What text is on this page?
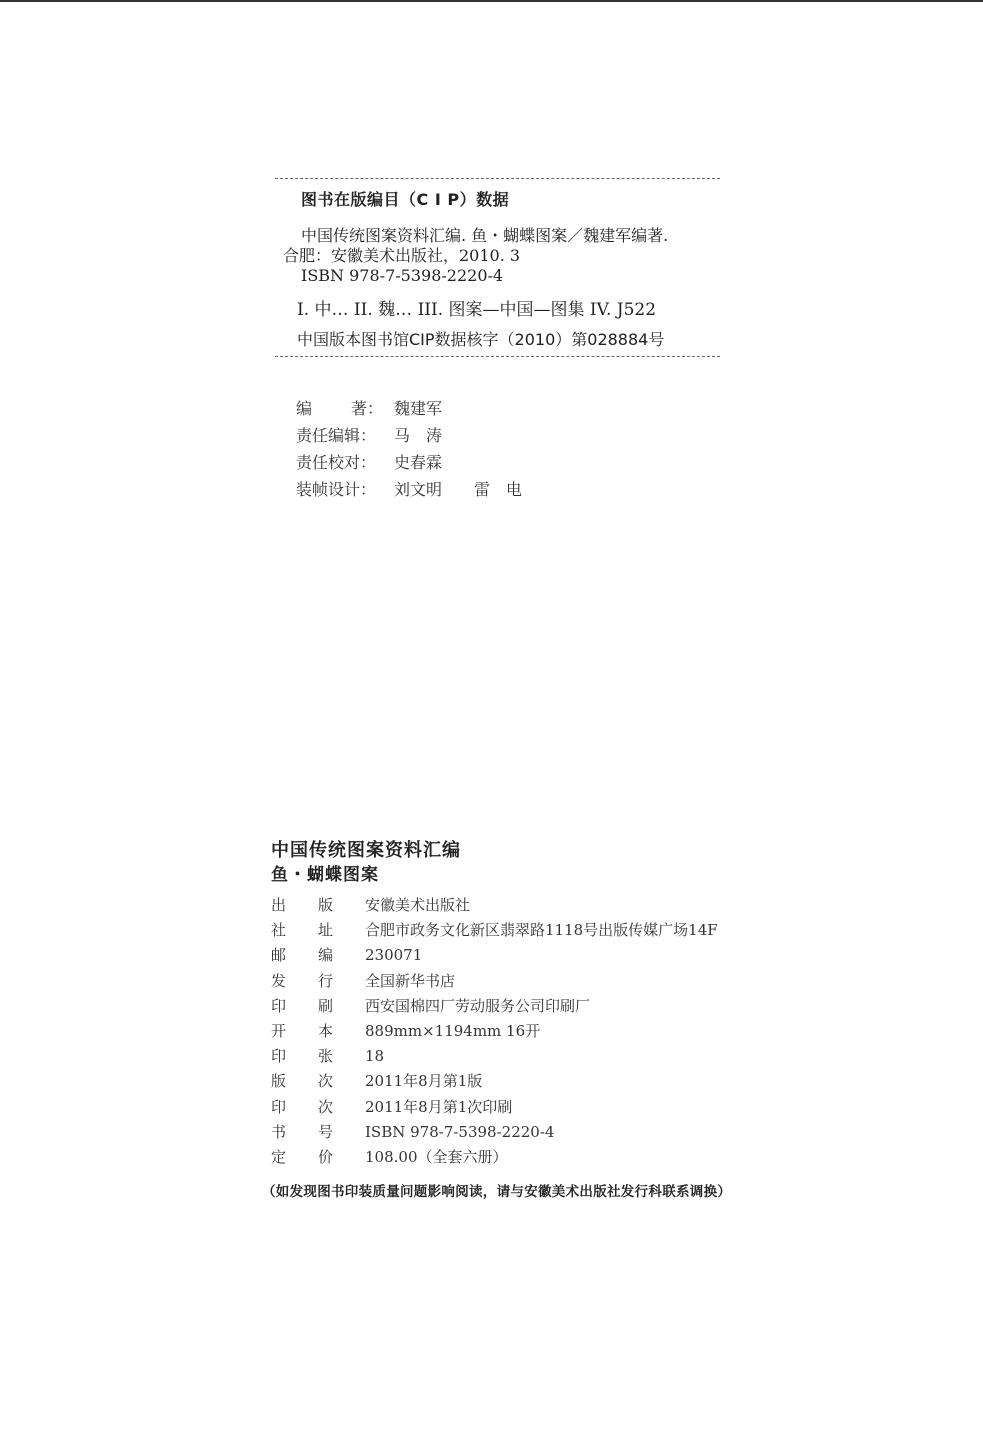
图书在版编目（C I P）数据
中国传统图案资料汇编. 鱼・蝴蝶图案／魏建军编著.
合肥：安徽美术出版社，2010. 3
ISBN 978-7-5398-2220-4
I. 中… II. 魏… III. 图案—中国—图集 IV. J522
中国版本图书馆CIP数据核字（2010）第028884号
编 著： 魏建军
责任编辑：	马　涛
责任校对：	史春霖
装帧设计：	刘文明　　雷　电
中国传统图案资料汇编
鱼・蝴蝶图案
出	版	安徽美术出版社
社	址	合肥市政务文化新区翡翠路1118号出版传媒广场14F
邮	编	230071
发	行	全国新华书店
印	刷	西安国棉四厂劳动服务公司印刷厂
开	本	889mm×1194mm 16开
印	张	18
版	次	2011年8月第1版
印	次	2011年8月第1次印刷
书	号	ISBN 978-7-5398-2220-4
定	价	108.00（全套六册）
（如发现图书印装质量问题影响阅读，请与安徽美术出版社发行科联系调换）
